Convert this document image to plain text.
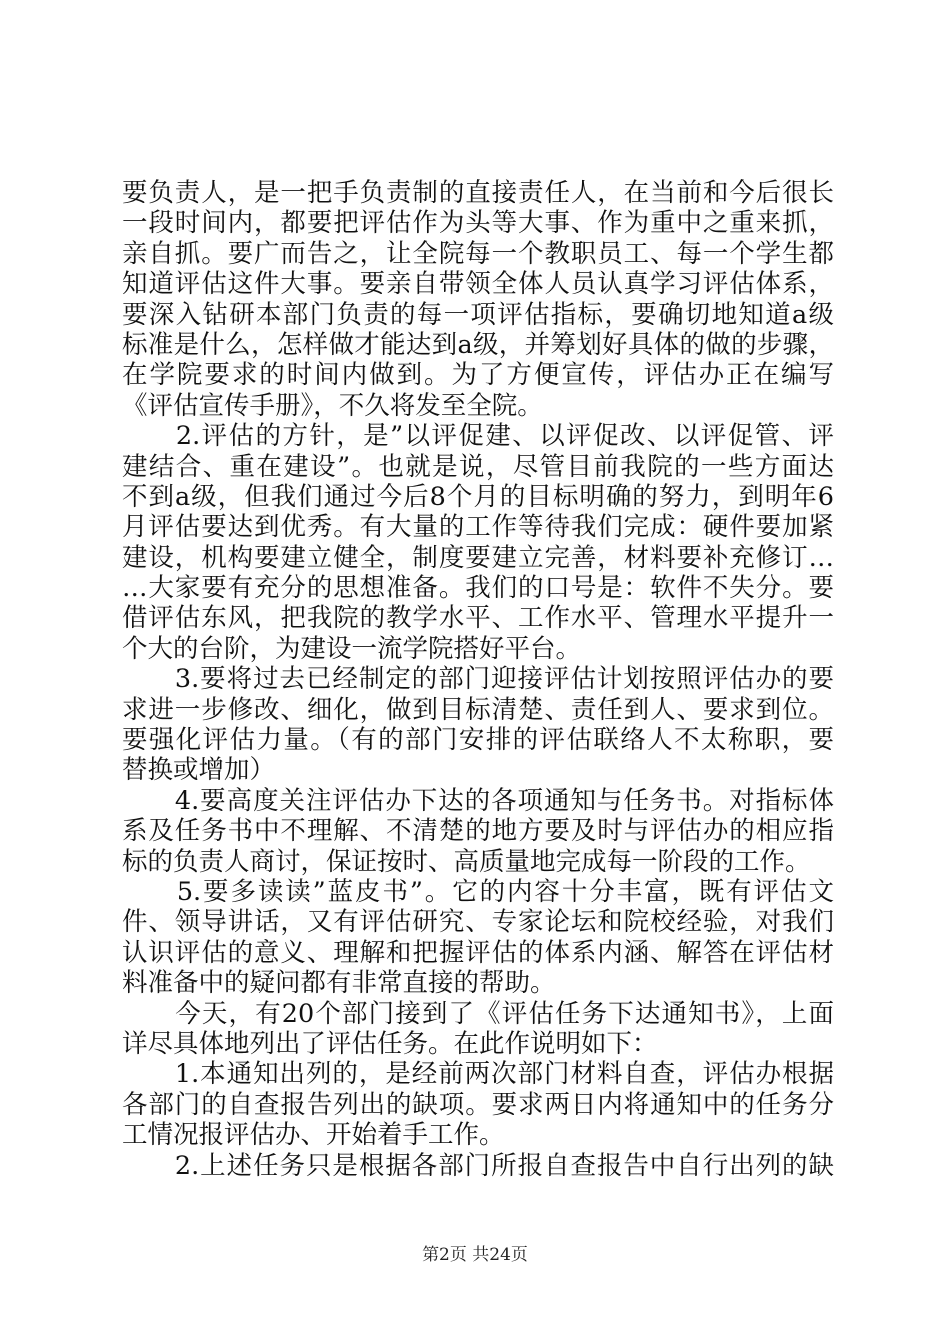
要负责人，是一把手负责制的直接责任人，在当前和今后很长
一段时间内，都要把评估作为头等大事、作为重中之重来抓，
亲自抓。要广而告之，让全院每一个教职员工、每一个学生都
知道评估这件大事。要亲自带领全体人员认真学习评估体系，
要深入钻研本部门负责的每一项评估指标，要确切地知道a级
标准是什么，怎样做才能达到a级，并筹划好具体的做的步骤，
在学院要求的时间内做到。为了方便宣传，评估办正在编写
《评估宣传手册》，不久将发至全院。
　　2.评估的方针，是”以评促建、以评促改、以评促管、评
建结合、重在建设”。也就是说，尽管目前我院的一些方面达
不到a级，但我们通过今后8个月的目标明确的努力，到明年6
月评估要达到优秀。有大量的工作等待我们完成：硬件要加紧
建设，机构要建立健全，制度要建立完善，材料要补充修订…
…大家要有充分的思想准备。我们的口号是：软件不失分。要
借评估东风，把我院的教学水平、工作水平、管理水平提升一
个大的台阶，为建设一流学院搭好平台。
　　3.要将过去已经制定的部门迎接评估计划按照评估办的要
求进一步修改、细化，做到目标清楚、责任到人、要求到位。
要强化评估力量。（有的部门安排的评估联络人不太称职，要
替换或增加）
　　4.要高度关注评估办下达的各项通知与任务书。对指标体
系及任务书中不理解、不清楚的地方要及时与评估办的相应指
标的负责人商讨，保证按时、高质量地完成每一阶段的工作。
　　5.要多读读”蓝皮书”。它的内容十分丰富，既有评估文
件、领导讲话，又有评估研究、专家论坛和院校经验，对我们
认识评估的意义、理解和把握评估的体系内涵、解答在评估材
料准备中的疑问都有非常直接的帮助。
　　今天，有20个部门接到了《评估任务下达通知书》，上面
详尽具体地列出了评估任务。在此作说明如下：
　　1.本通知出列的，是经前两次部门材料自查，评估办根据
各部门的自查报告列出的缺项。要求两日内将通知中的任务分
工情况报评估办、开始着手工作。
　　2.上述任务只是根据各部门所报自查报告中自行出列的缺
第2页 共24页
